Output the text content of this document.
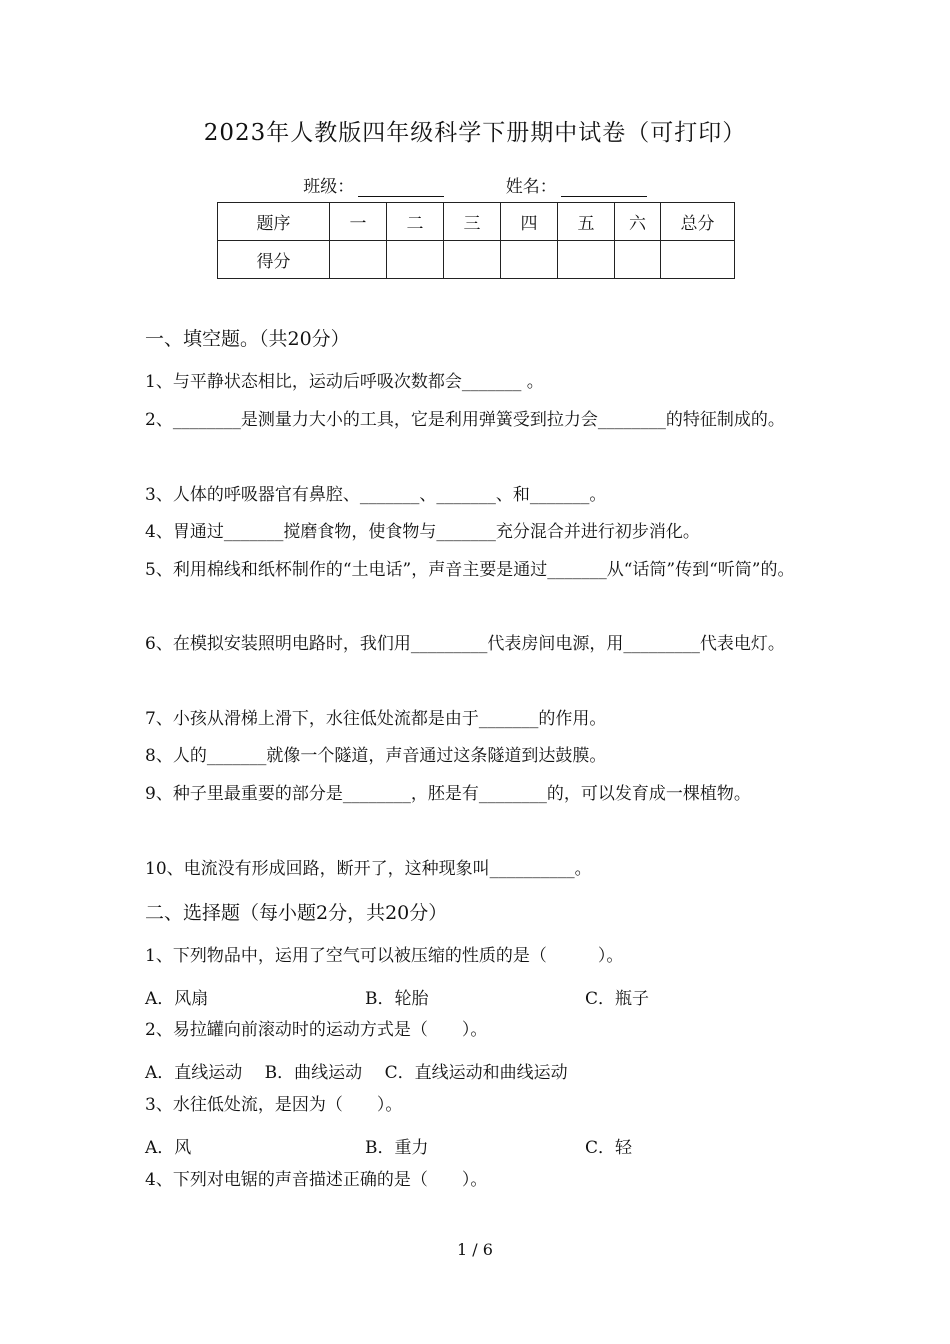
2023年人教版四年级科学下册期中试卷（可打印）
班级：	姓名：
题序	一	二	三	四	五	六	总分
得分							
一、填空题。（共20分）
1、与平静状态相比，运动后呼吸次数都会_______ 。
2、________是测量力大小的工具，它是利用弹簧受到拉力会________的特征制成的。
3、人体的呼吸器官有鼻腔、_______、_______、和_______。
4、胃通过_______搅磨食物，使食物与_______充分混合并进行初步消化。
5、利用棉线和纸杯制作的“土电话”，声音主要是通过_______从“话筒”传到“听筒”的。
6、在模拟安装照明电路时，我们用_________代表房间电源，用_________代表电灯。
7、小孩从滑梯上滑下，水往低处流都是由于_______的作用。
8、人的_______就像一个隧道，声音通过这条隧道到达鼓膜。
9、种子里最重要的部分是________，胚是有________的，可以发育成一棵植物。
10、电流没有形成回路，断开了，这种现象叫__________。
二、选择题（每小题2分，共20分）
1、下列物品中，运用了空气可以被压缩的性质的是（　　　）。
A．风扇	B．轮胎	C．瓶子
2、易拉罐向前滚动时的运动方式是（　　）。
A．直线运动　 B．曲线运动　 C．直线运动和曲线运动
3、水往低处流，是因为（　　）。
A．风	B．重力	C．轻
4、下列对电锯的声音描述正确的是（　　）。
1 / 6
